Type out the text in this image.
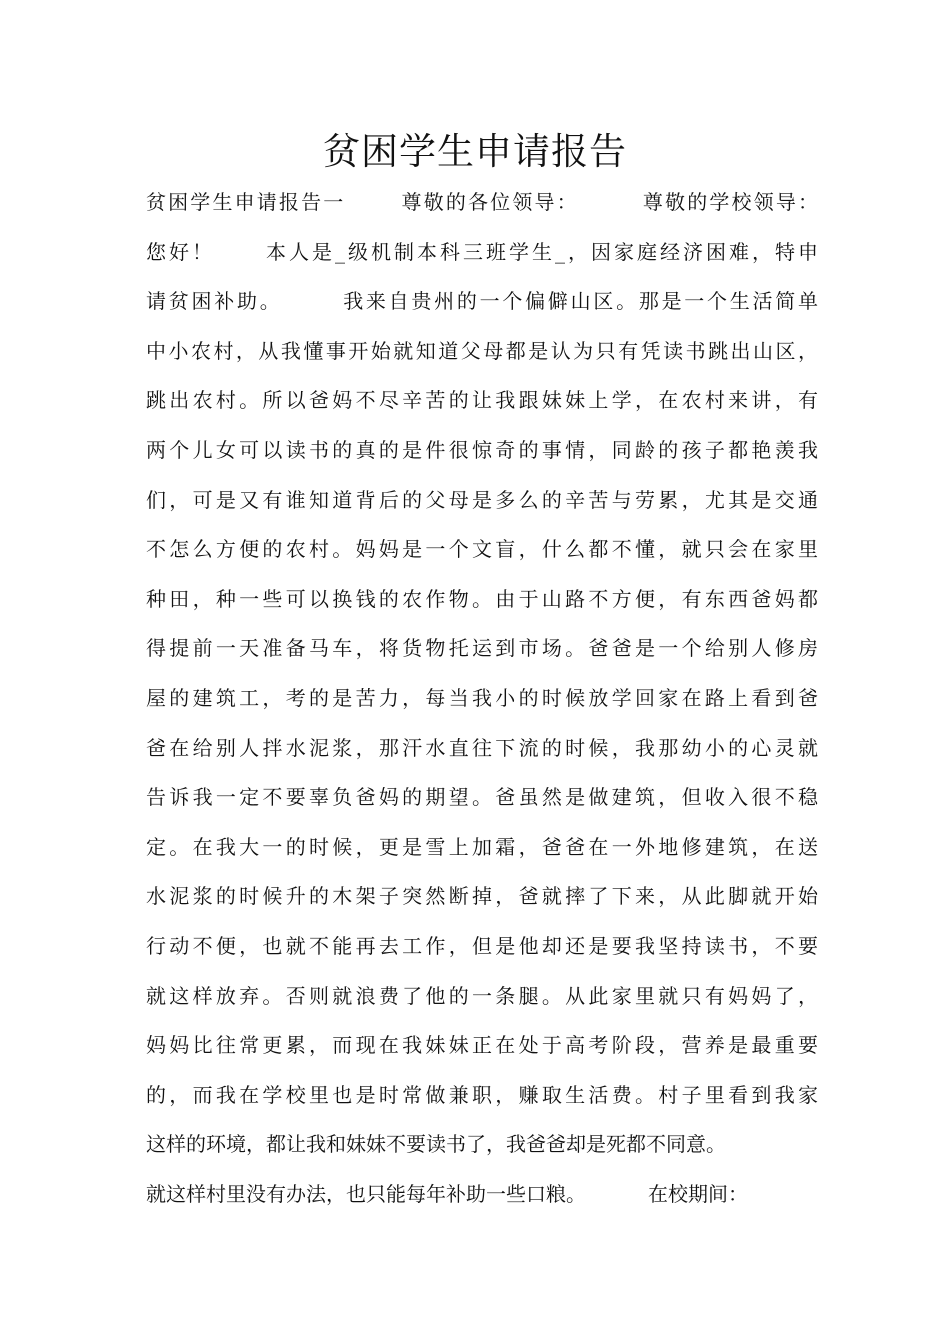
贫困学生申请报告
贫困学生申请报告一	尊敬的各位领导：	尊敬的学校领导：
您好！ 本人是_级机制本科三班学生_，因家庭经济困难，特申
请贫困补助。	我来自贵州的一个偏僻山区。那是一个生活简单
中小农村，从我懂事开始就知道父母都是认为只有凭读书跳出山区，
跳出农村。所以爸妈不尽辛苦的让我跟妹妹上学，在农村来讲，有
两个儿女可以读书的真的是件很惊奇的事情，同龄的孩子都艳羡我
们，可是又有谁知道背后的父母是多么的辛苦与劳累，尤其是交通
不怎么方便的农村。妈妈是一个文盲，什么都不懂，就只会在家里
种田，种一些可以换钱的农作物。由于山路不方便，有东西爸妈都
得提前一天准备马车，将货物托运到市场。爸爸是一个给别人修房
屋的建筑工，考的是苦力，每当我小的时候放学回家在路上看到爸
爸在给别人拌水泥浆，那汗水直往下流的时候，我那幼小的心灵就
告诉我一定不要辜负爸妈的期望。爸虽然是做建筑，但收入很不稳
定。在我大一的时候，更是雪上加霜，爸爸在一外地修建筑，在送
水泥浆的时候升的木架子突然断掉，爸就摔了下来，从此脚就开始
行动不便，也就不能再去工作，但是他却还是要我坚持读书，不要
就这样放弃。否则就浪费了他的一条腿。从此家里就只有妈妈了，
妈妈比往常更累，而现在我妹妹正在处于高考阶段，营养是最重要
的，而我在学校里也是时常做兼职，赚取生活费。村子里看到我家
这样的环境，都让我和妹妹不要读书了，我爸爸却是死都不同意。
就这样村里没有办法，也只能每年补助一些口粮。	在校期间：
